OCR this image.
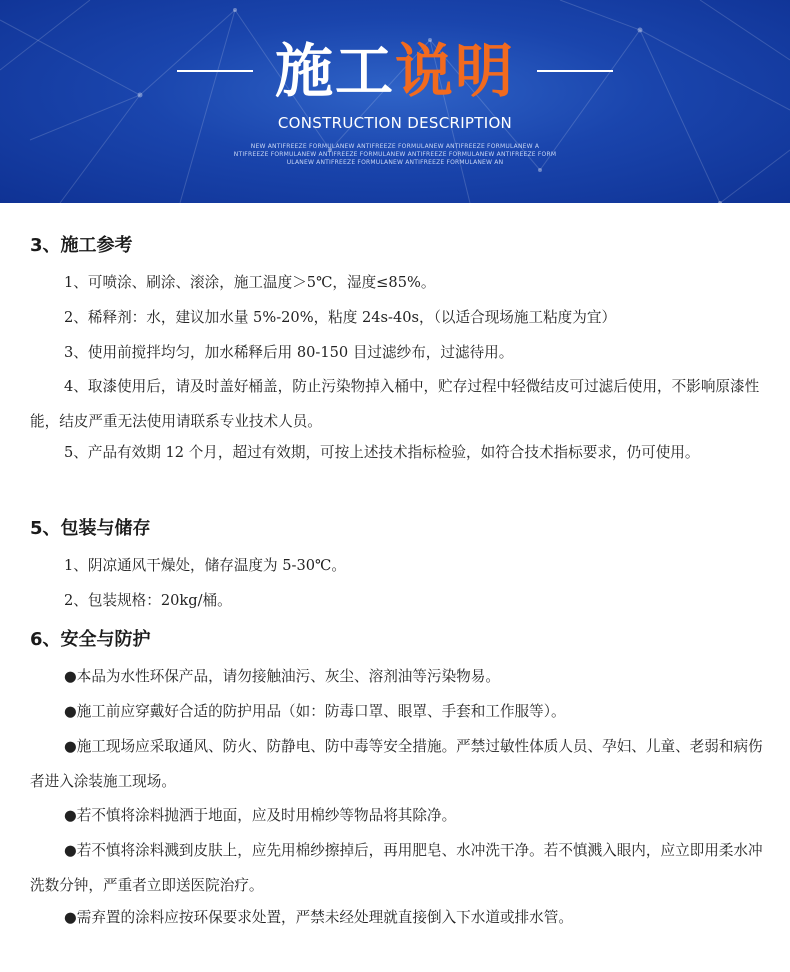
施工说明
CONSTRUCTION DESCRIPTION
NEW ANTIFREEZE FORMULANEW ANTIFREEZE FORMULANEW ANTIFREEZE FORMULANEW A
NTIFREEZE FORMULANEW ANTIFREEZE FORMULANEW ANTIFREEZE FORMULANEW ANTIFREEZE FORM
ULANEW ANTIFREEZE FORMULANEW ANTIFREEZE FORMULANEW AN
3、施工参考
1、可喷涂、刷涂、滚涂，施工温度＞5℃，湿度≤85%。
2、稀释剂：水，建议加水量 5%-20%，粘度 24s-40s，（以适合现场施工粘度为宜）
3、使用前搅拌均匀，加水稀释后用 80-150 目过滤纱布，过滤待用。
4、取漆使用后，请及时盖好桶盖，防止污染物掉入桶中，贮存过程中轻微结皮可过滤后使用，不影响原漆性能，结皮严重无法使用请联系专业技术人员。
5、产品有效期 12 个月，超过有效期，可按上述技术指标检验，如符合技术指标要求，仍可使用。
5、包装与储存
1、阴凉通风干燥处，储存温度为 5-30℃。
2、包装规格：20kg/桶。
6、安全与防护
●本品为水性环保产品，请勿接触油污、灰尘、溶剂油等污染物易。
●施工前应穿戴好合适的防护用品（如：防毒口罩、眼罩、手套和工作服等）。
●施工现场应采取通风、防火、防静电、防中毒等安全措施。严禁过敏性体质人员、孕妇、儿童、老弱和病伤者进入涂装施工现场。
●若不慎将涂料抛洒于地面，应及时用棉纱等物品将其除净。
●若不慎将涂料溅到皮肤上，应先用棉纱擦掉后，再用肥皂、水冲洗干净。若不慎溅入眼内，应立即用柔水冲洗数分钟，严重者立即送医院治疗。
●需弃置的涂料应按环保要求处置，严禁未经处理就直接倒入下水道或排水管。
